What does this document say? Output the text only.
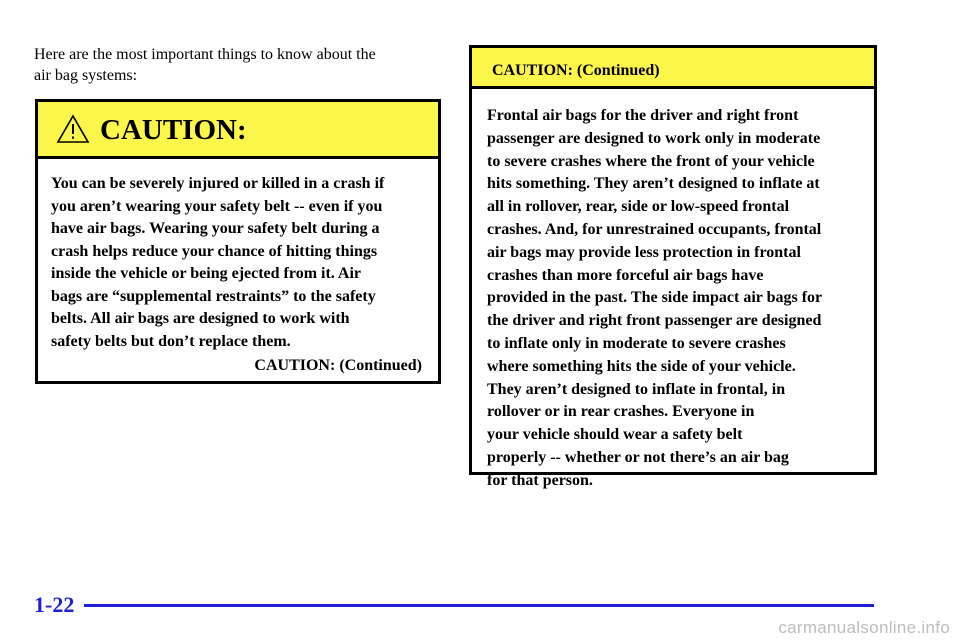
Here are the most important things to know about the
air bag systems:
CAUTION:
You can be severely injured or killed in a crash if
you aren’t wearing your safety belt -- even if you
have air bags. Wearing your safety belt during a
crash helps reduce your chance of hitting things
inside the vehicle or being ejected from it. Air
bags are “supplemental restraints” to the safety
belts. All air bags are designed to work with
safety belts but don’t replace them.
CAUTION: (Continued)
CAUTION: (Continued)
Frontal air bags for the driver and right front
passenger are designed to work only in moderate
to severe crashes where the front of your vehicle
hits something. They aren’t designed to inflate at
all in rollover, rear, side or low-speed frontal
crashes. And, for unrestrained occupants, frontal
air bags may provide less protection in frontal
crashes than more forceful air bags have
provided in the past. The side impact air bags for
the driver and right front passenger are designed
to inflate only in moderate to severe crashes
where something hits the side of your vehicle.
They aren’t designed to inflate in frontal, in
rollover or in rear crashes. Everyone in
your vehicle should wear a safety belt
properly -- whether or not there’s an air bag
for that person.
1-22
carmanualsonline.info
